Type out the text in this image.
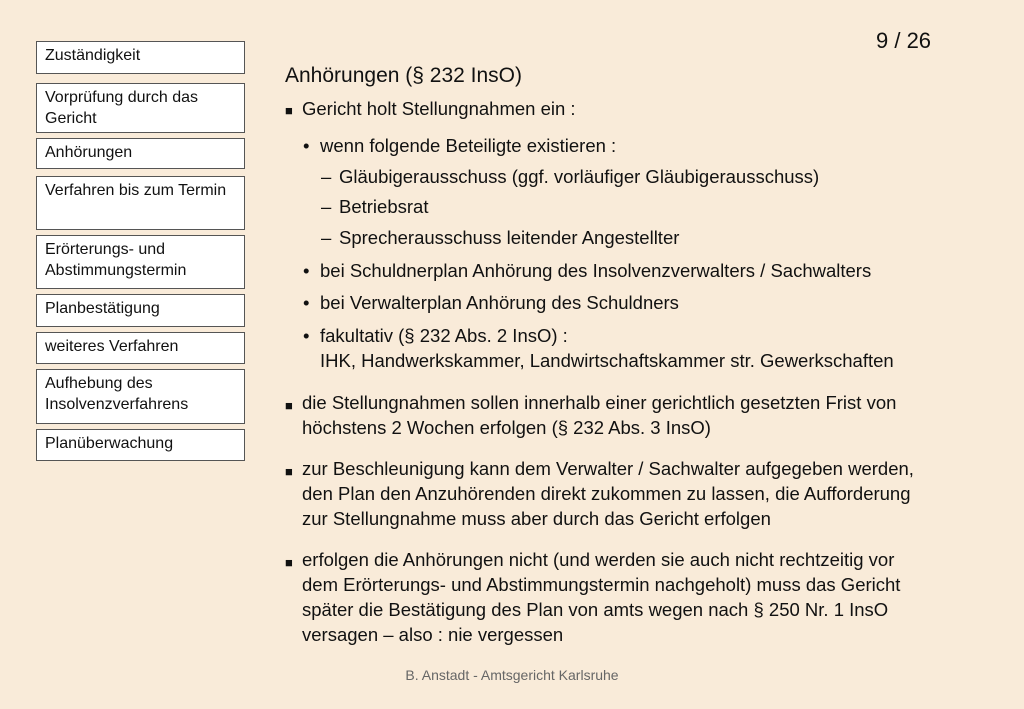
Zuständigkeit
Vorprüfung durch das Gericht
Anhörungen
Verfahren bis zum Termin
Erörterungs- und Abstimmungstermin
Planbestätigung
weiteres Verfahren
Aufhebung des Insolvenzverfahrens
Planüberwachung
9 / 26
Anhörungen (§ 232 InsO)
■ Gericht holt Stellungnahmen ein :
• wenn folgende Beteiligte existieren :
– Gläubigerausschuss (ggf. vorläufiger Gläubigerausschuss)
– Betriebsrat
– Sprecherausschuss leitender Angestellter
• bei Schuldnerplan Anhörung des Insolvenzverwalters / Sachwalters
• bei Verwalterplan Anhörung des Schuldners
• fakultativ (§ 232 Abs. 2 InsO) :
IHK, Handwerkskammer, Landwirtschaftskammer str. Gewerkschaften
■ die Stellungnahmen sollen innerhalb einer gerichtlich gesetzten Frist von
höchstens 2 Wochen erfolgen (§ 232 Abs. 3 InsO)
■ zur Beschleunigung kann dem Verwalter / Sachwalter aufgegeben werden,
den Plan den Anzuhörenden direkt zukommen zu lassen, die Aufforderung
zur Stellungnahme muss aber durch das Gericht erfolgen
■ erfolgen die Anhörungen nicht (und werden sie auch nicht rechtzeitig vor
dem Erörterungs- und Abstimmungstermin nachgeholt) muss das Gericht
später die Bestätigung des Plan von amts wegen nach § 250 Nr. 1 InsO
versagen – also : nie vergessen
B. Anstadt - Amtsgericht Karlsruhe
